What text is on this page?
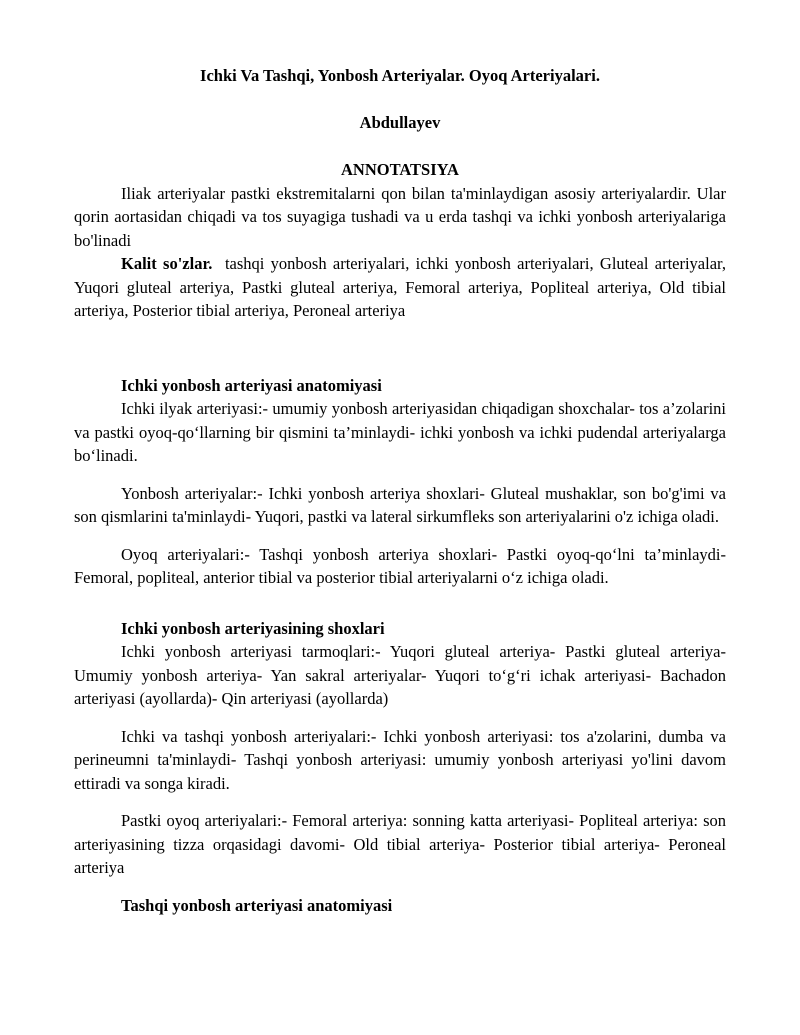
Ichki Va Tashqi, Yonbosh Arteriyalar. Oyoq Arteriyalari.
Abdullayev
ANNOTATSIYA

Iliak arteriyalar pastki ekstremitalarni qon bilan ta'minlaydigan asosiy arteriyalardir. Ular qorin aortasidan chiqadi va tos suyagiga tushadi va u erda tashqi va ichki yonbosh arteriyalariga bo'linadi

Kalit so'zlar. tashqi yonbosh arteriyalari, ichki yonbosh arteriyalari, Gluteal arteriyalar, Yuqori gluteal arteriya, Pastki gluteal arteriya, Femoral arteriya, Popliteal arteriya, Old tibial arteriya, Posterior tibial arteriya, Peroneal arteriya

Ichki yonbosh arteriyasi anatomiyasi

Ichki ilyak arteriyasi:- umumiy yonbosh arteriyasidan chiqadigan shoxchalar- tos a’zolarini va pastki oyoq-qo‘llarning bir qismini ta’minlaydi- ichki yonbosh va ichki pudendal arteriyalarga bo‘linadi.

Yonbosh arteriyalar:- Ichki yonbosh arteriya shoxlari- Gluteal mushaklar, son bo'g'imi va son qismlarini ta'minlaydi- Yuqori, pastki va lateral sirkumfleks son arteriyalarini o'z ichiga oladi.

Oyoq arteriyalari:- Tashqi yonbosh arteriya shoxlari- Pastki oyoq-qo‘lni ta’minlaydi- Femoral, popliteal, anterior tibial va posterior tibial arteriyalarni o‘z ichiga oladi.

Ichki yonbosh arteriyasining shoxlari

Ichki yonbosh arteriyasi tarmoqlari:- Yuqori gluteal arteriya- Pastki gluteal arteriya- Umumiy yonbosh arteriya- Yan sakral arteriyalar- Yuqori to‘g‘ri ichak arteriyasi- Bachadon arteriyasi (ayollarda)- Qin arteriyasi (ayollarda)

Ichki va tashqi yonbosh arteriyalari:- Ichki yonbosh arteriyasi: tos a'zolarini, dumba va perineumni ta'minlaydi- Tashqi yonbosh arteriyasi: umumiy yonbosh arteriyasi yo'lini davom ettiradi va songa kiradi.

Pastki oyoq arteriyalari:- Femoral arteriya: sonning katta arteriyasi- Popliteal arteriya: son arteriyasining tizza orqasidagi davomi- Old tibial arteriya- Posterior tibial arteriya- Peroneal arteriya

Tashqi yonbosh arteriyasi anatomiyasi
